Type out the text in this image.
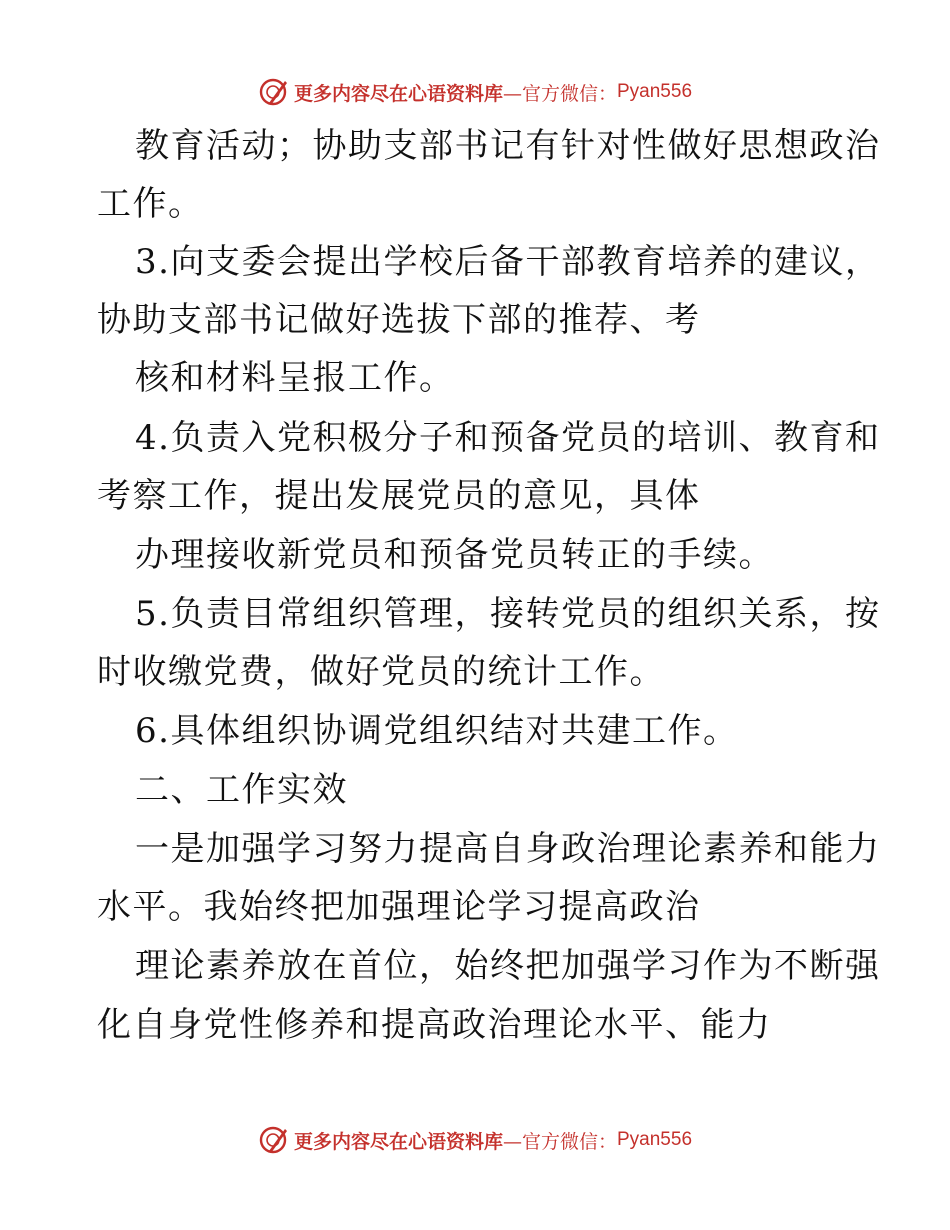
更多内容尽在心语资料库 —官方微信： Pyan556
教育活动；协助支部书记有针对性做好思想政治
工作。
3.向支委会提出学校后备干部教育培养的建议，
协助支部书记做好选拔下部的推荐、考
核和材料呈报工作。
4.负责入党积极分子和预备党员的培训、教育和
考察工作，提出发展党员的意见，具体
办理接收新党员和预备党员转正的手续。
5.负责目常组织管理，接转党员的组织关系，按
时收缴党费，做好党员的统计工作。
6.具体组织协调党组织结对共建工作。
二、工作实效
一是加强学习努力提高自身政治理论素养和能力
水平。我始终把加强理论学习提高政治
理论素养放在首位，始终把加强学习作为不断强
化自身党性修养和提高政治理论水平、能力
更多内容尽在心语资料库 —官方微信： Pyan556
